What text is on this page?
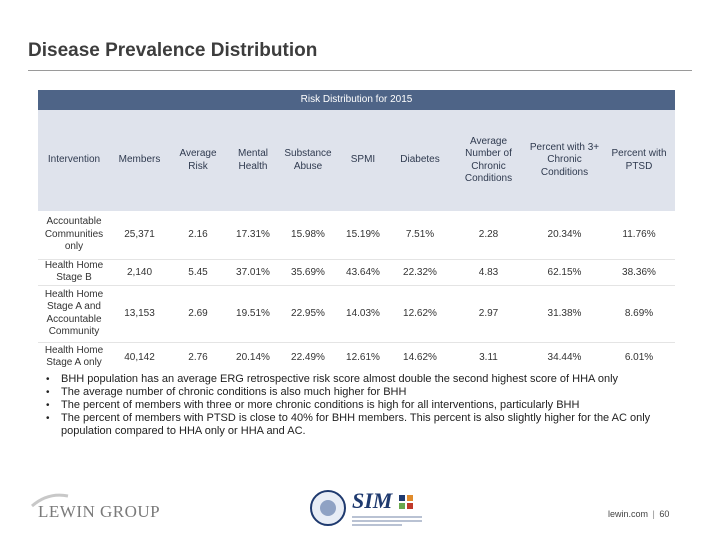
Disease Prevalence Distribution
Risk Distribution for 2015
Intervention	Members	Average Risk	Mental Health	Substance Abuse	SPMI	Diabetes	Average Number of Chronic Conditions	Percent with 3+ Chronic Conditions	Percent with PTSD
Accountable Communities only	25,371	2.16	17.31%	15.98%	15.19%	7.51%	2.28	20.34%	11.76%
Health Home Stage B	2,140	5.45	37.01%	35.69%	43.64%	22.32%	4.83	62.15%	38.36%
Health Home Stage A and Accountable Community	13,153	2.69	19.51%	22.95%	14.03%	12.62%	2.97	31.38%	8.69%
Health Home Stage A only	40,142	2.76	20.14%	22.49%	12.61%	14.62%	3.11	34.44%	6.01%
• BHH population has an average ERG retrospective risk score almost double the second highest score of HHA only
• The average number of chronic conditions is also much higher for BHH
• The percent of members with three or more chronic conditions is high for all interventions, particularly BHH
• The percent of members with PTSD is close to 40% for BHH members. This percent is also slightly higher for the AC only population compared to HHA only or HHA and AC.
LEWIN GROUP	SIM
lewin.com | 60
